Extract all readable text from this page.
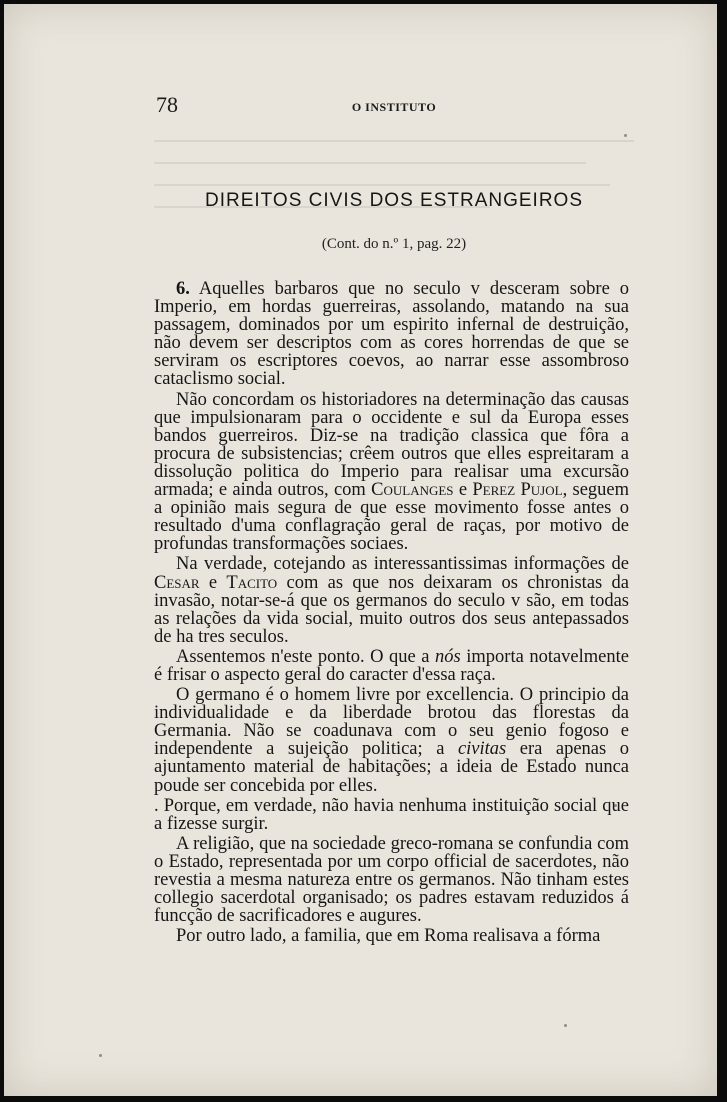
78	O INSTITUTO
DIREITOS CIVIS DOS ESTRANGEIROS
(Cont. do n.º 1, pag. 22)

6. Aquelles barbaros que no seculo v desceram sobre o Imperio, em hordas guerreiras, assolando, matando na sua passagem, dominados por um espirito infernal de destruição, não devem ser descriptos com as cores horrendas de que se serviram os escriptores coevos, ao narrar esse assombroso cataclismo social.

Não concordam os historiadores na determinação das causas que impulsionaram para o occidente e sul da Europa esses bandos guerreiros. Diz-se na tradição classica que fôra a procura de subsistencias; crêem outros que elles espreitaram a dissolução politica do Imperio para realisar uma excursão armada; e ainda outros, com Coulanges e Perez Pujol, seguem a opinião mais segura de que esse movimento fosse antes o resultado d'uma conflagração geral de raças, por motivo de profundas transformações sociaes.

Na verdade, cotejando as interessantissimas informações de Cesar e Tacito com as que nos deixaram os chronistas da invasão, notar-se-á que os germanos do seculo v são, em todas as relações da vida social, muito outros dos seus antepassados de ha tres seculos.

Assentemos n'este ponto. O que a nós importa notavelmente é frisar o aspecto geral do caracter d'essa raça.

O germano é o homem livre por excellencia. O principio da individualidade e da liberdade brotou das florestas da Germania. Não se coadunava com o seu genio fogoso e independente a sujeição politica; a civitas era apenas o ajuntamento material de habitações; a ideia de Estado nunca poude ser concebida por elles.

. Porque, em verdade, não havia nenhuma instituição social que a fizesse surgir.

A religião, que na sociedade greco-romana se confundia com o Estado, representada por um corpo official de sacerdotes, não revestia a mesma natureza entre os germanos. Não tinham estes collegio sacerdotal organisado; os padres estavam reduzidos á funcção de sacrificadores e augures.

Por outro lado, a familia, que em Roma realisava a fórma
